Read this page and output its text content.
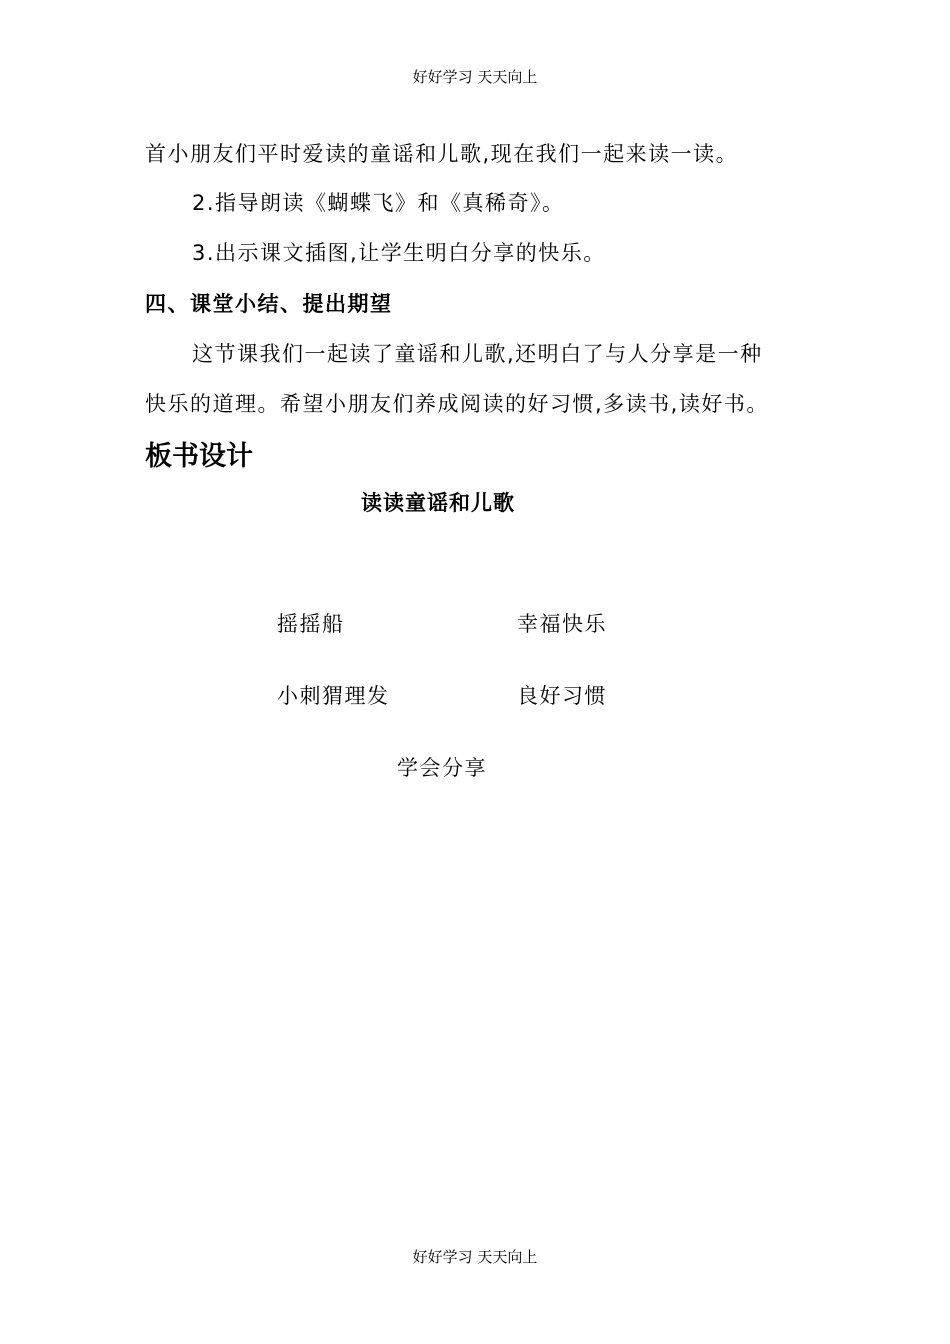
好好学习 天天向上
首小朋友们平时爱读的童谣和儿歌,现在我们一起来读一读。
2.指导朗读《蝴蝶飞》和《真稀奇》。
3.出示课文插图,让学生明白分享的快乐。
四、课堂小结、提出期望
这节课我们一起读了童谣和儿歌,还明白了与人分享是一种
快乐的道理。希望小朋友们养成阅读的好习惯,多读书,读好书。
板书设计
读读童谣和儿歌
摇摇船	幸福快乐
小刺猬理发	良好习惯
学会分享
好好学习 天天向上
